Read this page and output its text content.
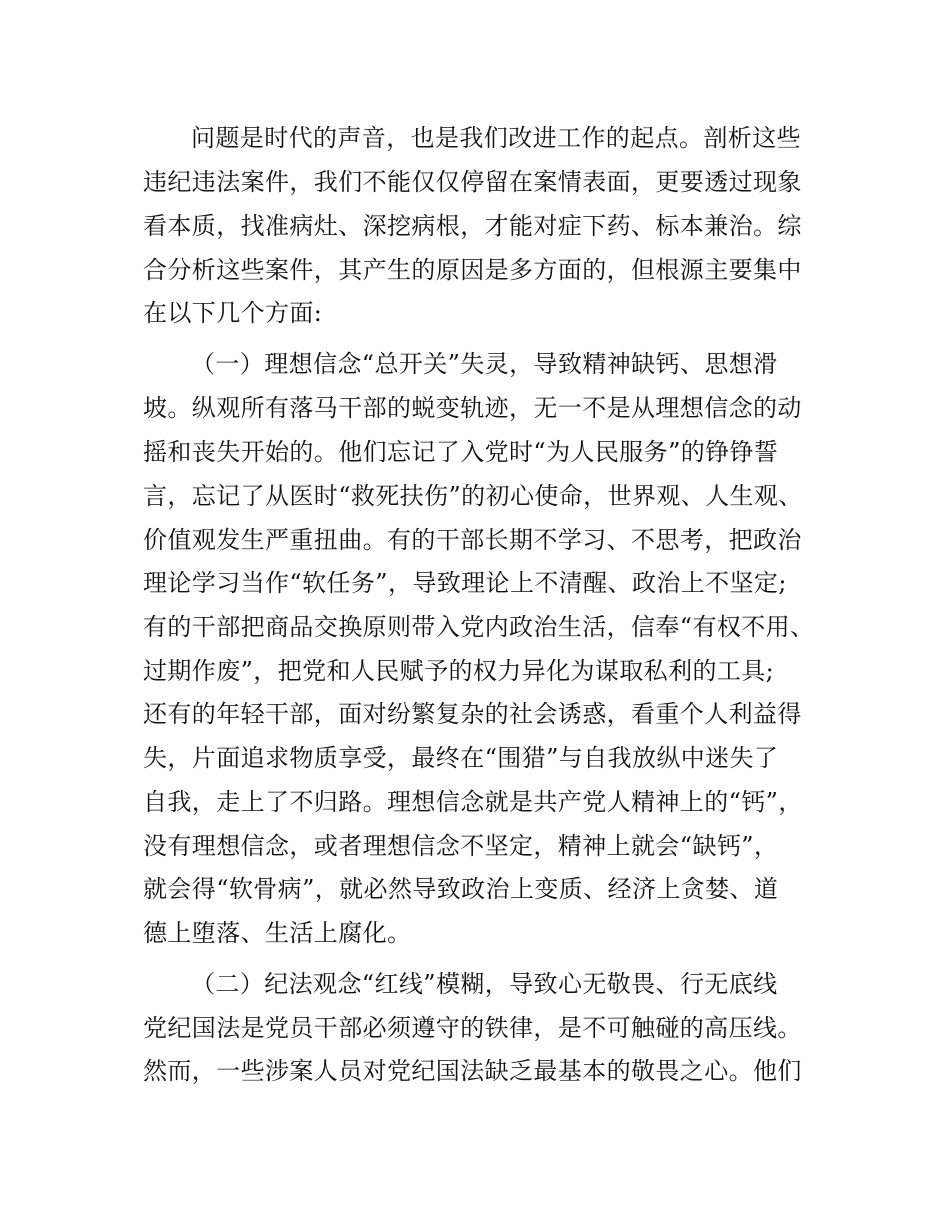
问题是时代的声音，也是我们改进工作的起点。剖析这些
违纪违法案件，我们不能仅仅停留在案情表面，更要透过现象
看本质，找准病灶、深挖病根，才能对症下药、标本兼治。综
合分析这些案件，其产生的原因是多方面的，但根源主要集中
在以下几个方面:
（一）理想信念“总开关”失灵，导致精神缺钙、思想滑
坡。纵观所有落马干部的蜕变轨迹，无一不是从理想信念的动
摇和丧失开始的。他们忘记了入党时“为人民服务”的铮铮誓
言，忘记了从医时“救死扶伤”的初心使命，世界观、人生观、
价值观发生严重扭曲。有的干部长期不学习、不思考，把政治
理论学习当作“软任务”，导致理论上不清醒、政治上不坚定;
有的干部把商品交换原则带入党内政治生活，信奉“有权不用、
过期作废”，把党和人民赋予的权力异化为谋取私利的工具;
还有的年轻干部，面对纷繁复杂的社会诱惑，看重个人利益得
失，片面追求物质享受，最终在“围猎”与自我放纵中迷失了
自我，走上了不归路。理想信念就是共产党人精神上的“钙”，
没有理想信念，或者理想信念不坚定，精神上就会“缺钙”，
就会得“软骨病”，就必然导致政治上变质、经济上贪婪、道
德上堕落、生活上腐化。
（二）纪法观念“红线”模糊，导致心无敬畏、行无底线
党纪国法是党员干部必须遵守的铁律，是不可触碰的高压线。
然而，一些涉案人员对党纪国法缺乏最基本的敬畏之心。他们
